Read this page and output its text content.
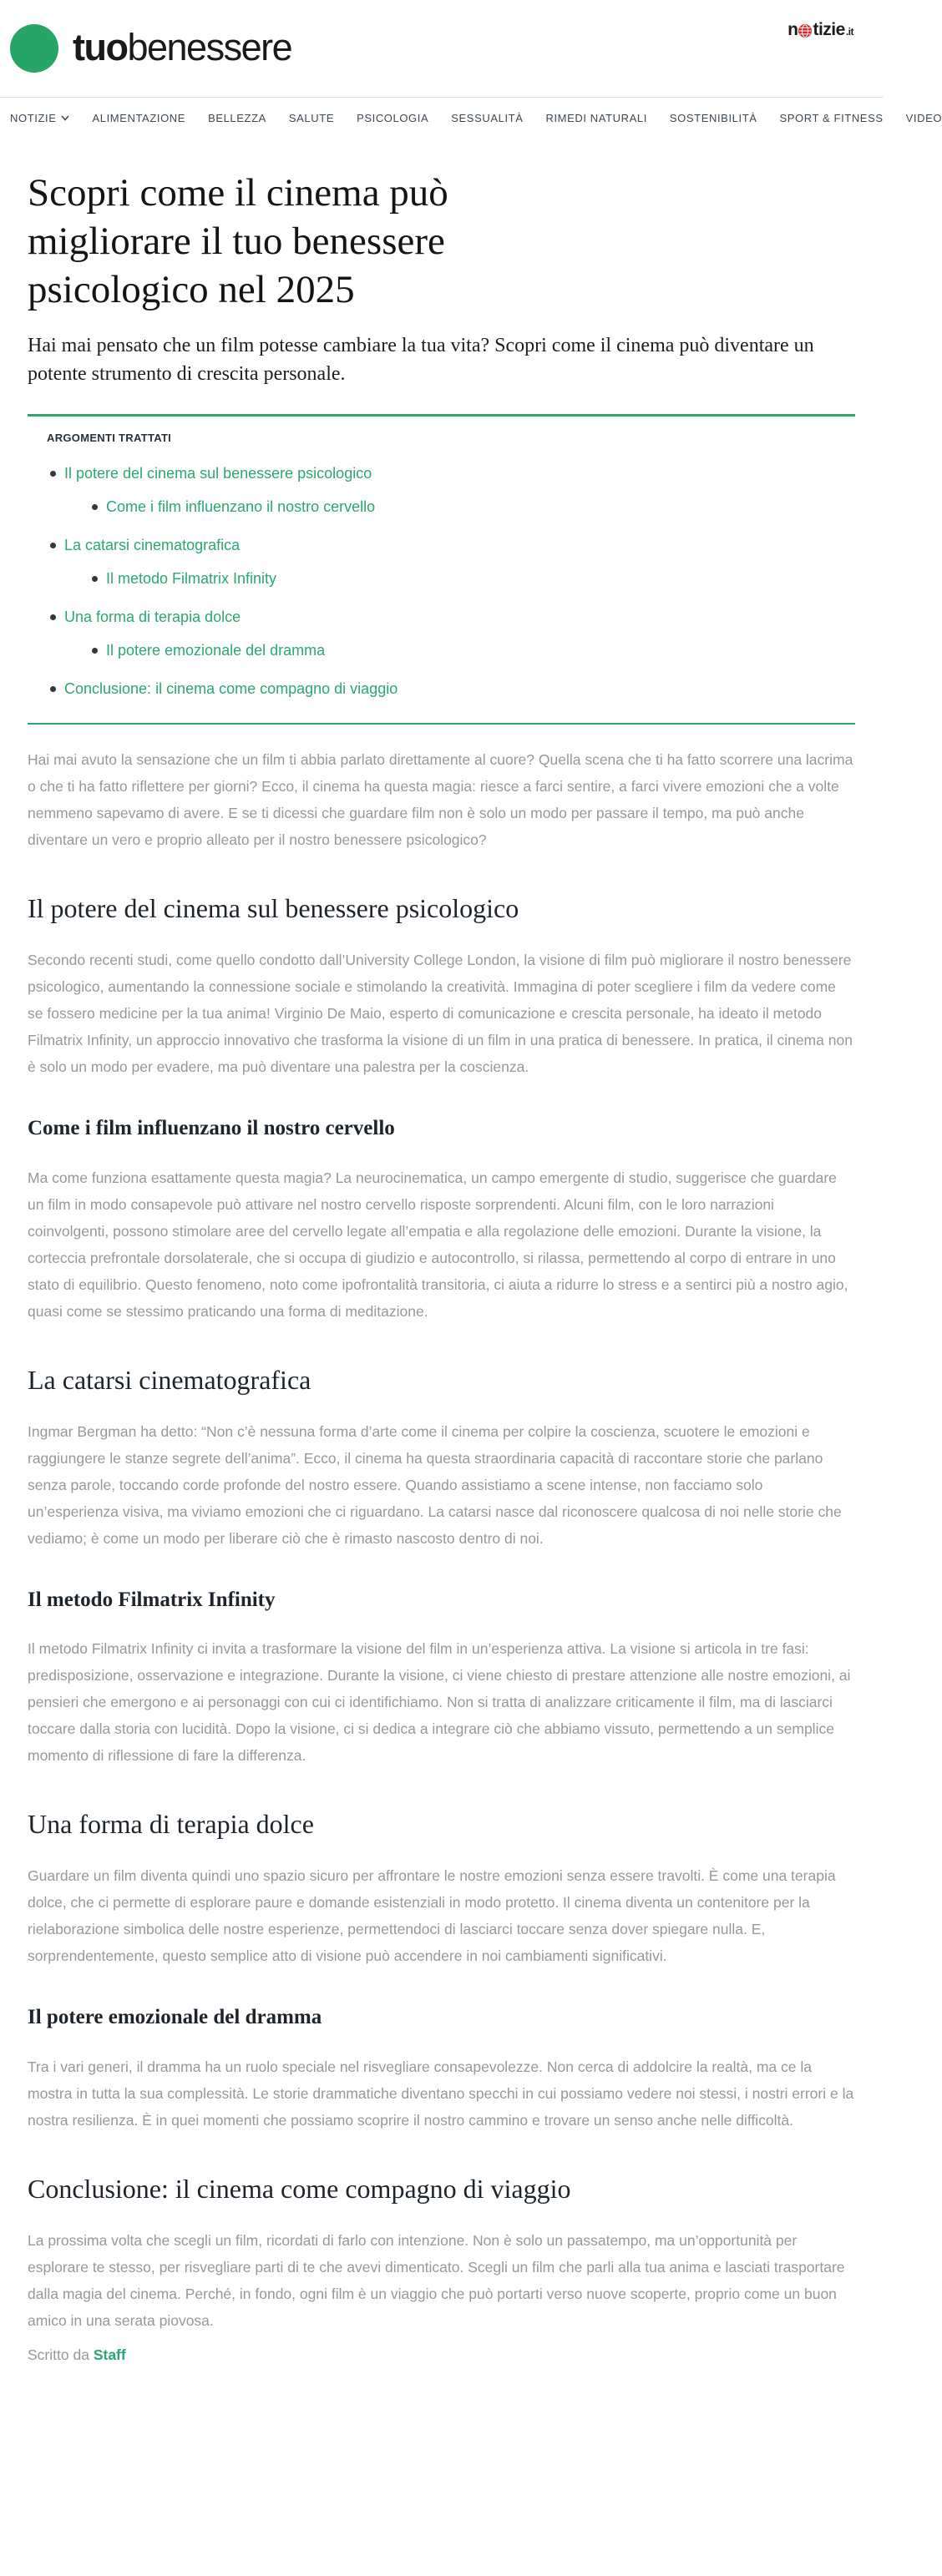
tuo benessere	n tizie .it
NOTIZIE	ALIMENTAZIONE BELLEZZA SALUTE PSICOLOGIA SESSUALITÀ RIMEDI NATURALI SOSTENIBILITÀ SPORT & FITNESS VIDEO
Scopri come il cinema può migliorare il tuo benessere psicologico nel 2025

Hai mai pensato che un film potesse cambiare la tua vita? Scopri come il cinema può diventare un potente strumento di crescita personale.

ARGOMENTI TRATTATI
Il potere del cinema sul benessere psicologico
Come i film influenzano il nostro cervello
La catarsi cinematografica
Il metodo Filmatrix Infinity
Una forma di terapia dolce
Il potere emozionale del dramma
Conclusione: il cinema come compagno di viaggio

Hai mai avuto la sensazione che un film ti abbia parlato direttamente al cuore? Quella scena che ti ha fatto scorrere una lacrima o che ti ha fatto riflettere per giorni? Ecco, il cinema ha questa magia: riesce a farci sentire, a farci vivere emozioni che a volte nemmeno sapevamo di avere. E se ti dicessi che guardare film non è solo un modo per passare il tempo, ma può anche diventare un vero e proprio alleato per il nostro benessere psicologico?

Il potere del cinema sul benessere psicologico

Secondo recenti studi, come quello condotto dall’University College London, la visione di film può migliorare il nostro benessere psicologico, aumentando la connessione sociale e stimolando la creatività. Immagina di poter scegliere i film da vedere come se fossero medicine per la tua anima! Virginio De Maio, esperto di comunicazione e crescita personale, ha ideato il metodo Filmatrix Infinity, un approccio innovativo che trasforma la visione di un film in una pratica di benessere. In pratica, il cinema non è solo un modo per evadere, ma può diventare una palestra per la coscienza.

Come i film influenzano il nostro cervello

Ma come funziona esattamente questa magia? La neurocinematica, un campo emergente di studio, suggerisce che guardare un film in modo consapevole può attivare nel nostro cervello risposte sorprendenti. Alcuni film, con le loro narrazioni coinvolgenti, possono stimolare aree del cervello legate all’empatia e alla regolazione delle emozioni. Durante la visione, la corteccia prefrontale dorsolaterale, che si occupa di giudizio e autocontrollo, si rilassa, permettendo al corpo di entrare in uno stato di equilibrio. Questo fenomeno, noto come ipofrontalità transitoria, ci aiuta a ridurre lo stress e a sentirci più a nostro agio, quasi come se stessimo praticando una forma di meditazione.

La catarsi cinematografica

Ingmar Bergman ha detto: “Non c’è nessuna forma d’arte come il cinema per colpire la coscienza, scuotere le emozioni e raggiungere le stanze segrete dell’anima”. Ecco, il cinema ha questa straordinaria capacità di raccontare storie che parlano senza parole, toccando corde profonde del nostro essere. Quando assistiamo a scene intense, non facciamo solo un’esperienza visiva, ma viviamo emozioni che ci riguardano. La catarsi nasce dal riconoscere qualcosa di noi nelle storie che vediamo; è come un modo per liberare ciò che è rimasto nascosto dentro di noi.

Il metodo Filmatrix Infinity

Il metodo Filmatrix Infinity ci invita a trasformare la visione del film in un’esperienza attiva. La visione si articola in tre fasi: predisposizione, osservazione e integrazione. Durante la visione, ci viene chiesto di prestare attenzione alle nostre emozioni, ai pensieri che emergono e ai personaggi con cui ci identifichiamo. Non si tratta di analizzare criticamente il film, ma di lasciarci toccare dalla storia con lucidità. Dopo la visione, ci si dedica a integrare ciò che abbiamo vissuto, permettendo a un semplice momento di riflessione di fare la differenza.

Una forma di terapia dolce

Guardare un film diventa quindi uno spazio sicuro per affrontare le nostre emozioni senza essere travolti. È come una terapia dolce, che ci permette di esplorare paure e domande esistenziali in modo protetto. Il cinema diventa un contenitore per la rielaborazione simbolica delle nostre esperienze, permettendoci di lasciarci toccare senza dover spiegare nulla. E, sorprendentemente, questo semplice atto di visione può accendere in noi cambiamenti significativi.

Il potere emozionale del dramma

Tra i vari generi, il dramma ha un ruolo speciale nel risvegliare consapevolezze. Non cerca di addolcire la realtà, ma ce la mostra in tutta la sua complessità. Le storie drammatiche diventano specchi in cui possiamo vedere noi stessi, i nostri errori e la nostra resilienza. È in quei momenti che possiamo scoprire il nostro cammino e trovare un senso anche nelle difficoltà.

Conclusione: il cinema come compagno di viaggio

La prossima volta che scegli un film, ricordati di farlo con intenzione. Non è solo un passatempo, ma un’opportunità per esplorare te stesso, per risvegliare parti di te che avevi dimenticato. Scegli un film che parli alla tua anima e lasciati trasportare dalla magia del cinema. Perché, in fondo, ogni film è un viaggio che può portarti verso nuove scoperte, proprio come un buon amico in una serata piovosa.

Scritto da Staff
